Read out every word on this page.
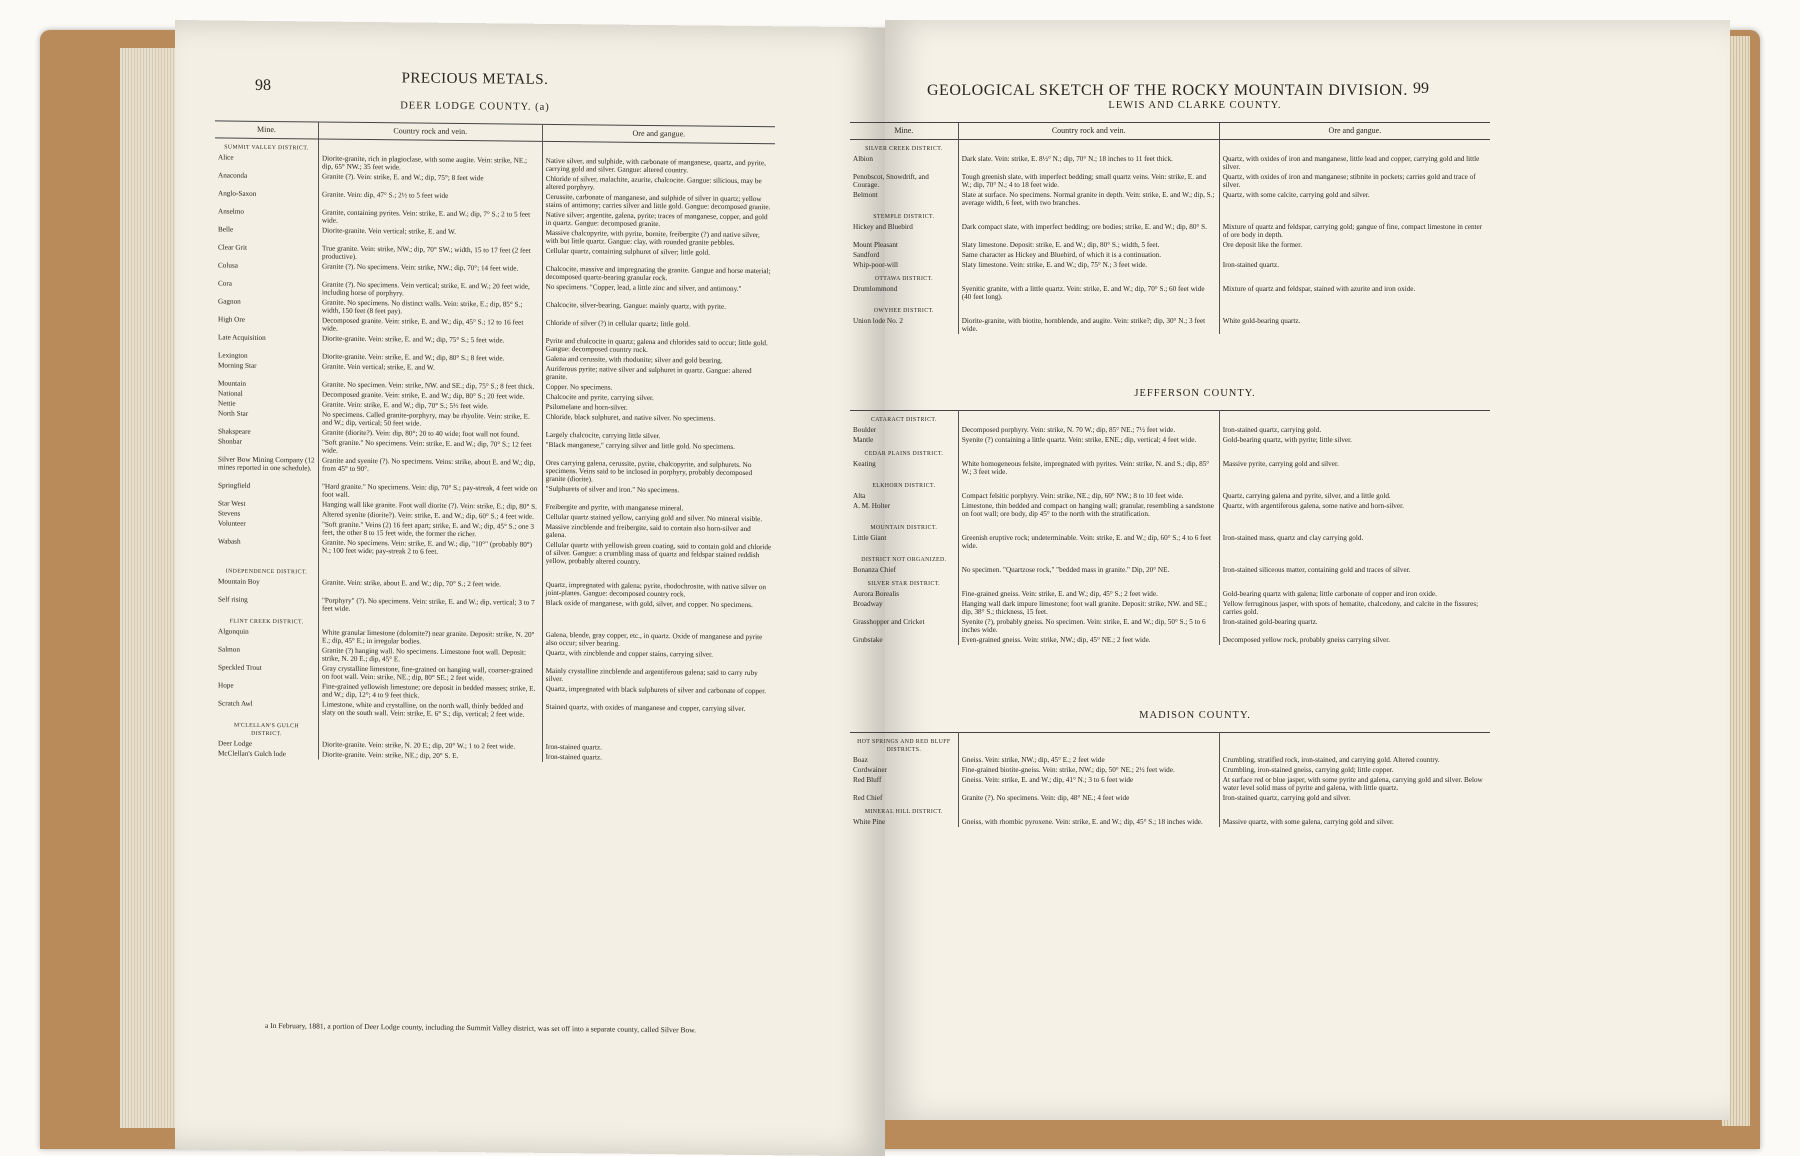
98	PRECIOUS METALS.
DEER LODGE COUNTY. (a)
Mine.	Country rock and vein.	Ore and gangue.
SUMMIT VALLEY DISTRICT.		
Alice	Diorite-granite, rich in plagioclase, with some augite. Vein: strike, NE.; dip, 65° NW.; 35 feet wide.	Native silver, and sulphide, with carbonate of manganese, quartz, and pyrite, carrying gold and silver. Gangue: altered country.
Anaconda	Granite (?). Vein: strike, E. and W.; dip, 75°; 8 feet wide	Chloride of silver, malachite, azurite, chalcocite. Gangue: silicious, may be altered porphyry.
Anglo-Saxon	Granite. Vein: dip, 47° S.; 2½ to 5 feet wide	Cerussite, carbonate of manganese, and sulphide of silver in quartz; yellow stains of antimony; carries silver and little gold. Gangue: decomposed granite.
Anselmo	Granite, containing pyrites. Vein: strike, E. and W.; dip, 7° S.; 2 to 5 feet wide.	Native silver; argentite, galena, pyrite; traces of manganese, copper, and gold in quartz. Gangue: decomposed granite.
Belle	Diorite-granite. Vein vertical; strike, E. and W.	Massive chalcopyrite, with pyrite, bornite, freibergite (?) and native silver, with but little quartz. Gangue: clay, with rounded granite pebbles.
Clear Grit	True granite. Vein: strike, NW.; dip, 70° SW.; width, 15 to 17 feet (2 feet productive).	Cellular quartz, containing sulphuret of silver; little gold.
Colusa	Granite (?). No specimens. Vein: strike, NW.; dip, 70°; 14 feet wide.	Chalcocite, massive and impregnating the granite. Gangue and horse material; decomposed quartz-bearing granular rock.
Cora	Granite (?). No specimens. Vein vertical; strike, E. and W.; 20 feet wide, including horse of porphyry.	No specimens. "Copper, lead, a little zinc and silver, and antimony."
Gagnon	Granite. No specimens. No distinct walls. Vein: strike, E.; dip, 85° S.; width, 150 feet (8 feet pay).	Chalcocite, silver-bearing. Gangue: mainly quartz, with pyrite.
High Ore	Decomposed granite. Vein: strike, E. and W.; dip, 45° S.; 12 to 16 feet wide.	Chloride of silver (?) in cellular quartz; little gold.
Late Acquisition	Diorite-granite. Vein: strike, E. and W.; dip, 75° S.; 5 feet wide.	Pyrite and chalcocite in quartz; galena and chlorides said to occur; little gold. Gangue: decomposed country rock.
Lexington	Diorite-granite. Vein: strike, E. and W.; dip, 80° S.; 8 feet wide.	Galena and cerussite, with rhodonite; silver and gold bearing.
Morning Star	Granite. Vein vertical; strike, E. and W.	Auriferous pyrite; native silver and sulphuret in quartz. Gangue: altered granite.
Mountain	Granite. No specimen. Vein: strike, NW. and SE.; dip, 75° S.; 8 feet thick.	Copper. No specimens.
National	Decomposed granite. Vein: strike, E. and W.; dip, 80° S.; 20 feet wide.	Chalcocite and pyrite, carrying silver.
Nettie	Granite. Vein: strike, E. and W.; dip, 70° S.; 5½ feet wide.	Psilomelane and horn-silver.
North Star	No specimens. Called granite-porphyry, may be rhyolite. Vein: strike, E. and W.; dip, vertical; 50 feet wide.	Chloride, black sulphuret, and native silver. No specimens.
Shakspeare	Granite (diorite?). Vein: dip, 80°; 20 to 40 wide; foot wall not found.	Largely chalcocite, carrying little silver.
Shonbar	"Soft granite." No specimens. Vein: strike, E. and W.; dip, 70° S.; 12 feet wide.	"Black manganese," carrying silver and little gold. No specimens.
Silver Bow Mining Company (12 mines reported in one schedule).	Granite and syenite (?). No specimens. Veins: strike, about E. and W.; dip, from 45° to 90°.	Ores carrying galena, cerussite, pyrite, chalcopyrite, and sulphurets. No specimens. Veins said to be inclosed in porphyry, probably decomposed granite (diorite).
Springfield	"Hard granite." No specimens. Vein: dip, 70° S.; pay-streak, 4 feet wide on foot wall.	"Sulphurets of silver and iron." No specimens.
Star West	Hanging wall like granite. Foot wall diorite (?). Vein: strike, E.; dip, 80° S.	Freibergite and pyrite, with manganese mineral.
Stevens	Altered syenite (diorite?). Vein: strike, E. and W.; dip, 60° S.; 4 feet wide.	Cellular quartz stained yellow, carrying gold and silver. No mineral visible.
Volunteer	"Soft granite." Veins (2) 16 feet apart; strike, E. and W.; dip, 45° S.; one 3 feet, the other 8 to 15 feet wide, the former the richer.	Massive zincblende and freibergite, said to contain also horn-silver and galena.
Wabash	Granite. No specimens. Vein: strike, E. and W.; dip, "10°" (probably 80°) N.; 100 feet wide; pay-streak 2 to 6 feet.	Cellular quartz with yellowish green coating, said to contain gold and chloride of silver. Gangue: a crumbling mass of quartz and feldspar stained reddish yellow, probably altered country.
INDEPENDENCE DISTRICT.		
Mountain Boy	Granite. Vein: strike, about E. and W.; dip, 70° S.; 2 feet wide.	Quartz, impregnated with galena; pyrite, rhodochrosite, with native silver on joint-planes. Gangue: decomposed country rock.
Self rising	"Porphyry" (?). No specimens. Vein: strike, E. and W.; dip, vertical; 3 to 7 feet wide.	Black oxide of manganese, with gold, silver, and copper. No specimens.
FLINT CREEK DISTRICT.		
Algonquin	White granular limestone (dolomite?) near granite. Deposit: strike, N. 20° E.; dip, 45° E.; in irregular bodies.	Galena, blende, gray copper, etc., in quartz. Oxide of manganese and pyrite also occur; silver bearing.
Salmon	Granite (?) hanging wall. No specimens. Limestone foot wall. Deposit: strike, N. 20 E.; dip, 45° E.	Quartz, with zincblende and copper stains, carrying silver.
Speckled Trout	Gray crystalline limestone, fine-grained on hanging wall, coarser-grained on foot wall. Vein: strike, NE.; dip, 80° SE.; 2 feet wide.	Mainly crystalline zincblende and argentiferous galena; said to carry ruby silver.
Hope	Fine-grained yellowish limestone; ore deposit in bedded masses; strike, E. and W.; dip, 12°; 4 to 9 feet thick.	Quartz, impregnated with black sulphurets of silver and carbonate of copper.
Scratch Awl	Limestone, white and crystalline, on the north wall, thinly bedded and slaty on the south wall. Vein: strike, E. 6° S.; dip, vertical; 2 feet wide.	Stained quartz, with oxides of manganese and copper, carrying silver.
M'CLELLAN'S GULCH DISTRICT.		
Deer Lodge	Diorite-granite. Vein: strike, N. 20 E.; dip, 20° W.; 1 to 2 feet wide.	Iron-stained quartz.
McClellan's Gulch lode	Diorite-granite. Vein: strike, NE.; dip, 20° S. E.	Iron-stained quartz.
a In February, 1881, a portion of Deer Lodge county, including the Summit Valley district, was set off into a separate county, called Silver Bow.
GEOLOGICAL SKETCH OF THE ROCKY MOUNTAIN DIVISION. 99
LEWIS AND CLARKE COUNTY.
Mine.	Country rock and vein.	Ore and gangue.
SILVER CREEK DISTRICT.		
Albion	Dark slate. Vein: strike, E. 8½° N.; dip, 70° N.; 18 inches to 11 feet thick.	Quartz, with oxides of iron and manganese, little lead and copper, carrying gold and little silver.
Penobscot, Snowdrift, and Courage.	Tough greenish slate, with imperfect bedding; small quartz veins. Vein: strike, E. and W.; dip, 70° N.; 4 to 18 feet wide.	Quartz, with oxides of iron and manganese; stibnite in pockets; carries gold and trace of silver.
Belmont	Slate at surface. No specimens. Normal granite in depth. Vein: strike, E. and W.; dip, S.; average width, 6 feet, with two branches.	Quartz, with some calcite, carrying gold and silver.
STEMPLE DISTRICT.		
Hickey and Bluebird	Dark compact slate, with imperfect bedding; ore bodies; strike, E. and W.; dip, 80° S.	Mixture of quartz and feldspar, carrying gold; gangue of fine, compact limestone in center of ore body in depth.
Mount Pleasant	Slaty limestone. Deposit: strike, E. and W.; dip, 80° S.; width, 5 feet.	Ore deposit like the former.
Sandford	Same character as Hickey and Bluebird, of which it is a continuation.	
Whip-poor-will	Slaty limestone. Vein: strike, E. and W.; dip, 75° N.; 3 feet wide.	Iron-stained quartz.
OTTAWA DISTRICT.		
Drumlommond	Syenitic granite, with a little quartz. Vein: strike, E. and W.; dip, 70° S.; 60 feet wide (40 feet long).	Mixture of quartz and feldspar, stained with azurite and iron oxide.
OWYHEE DISTRICT.		
Union lode No. 2	Diorite-granite, with biotite, hornblende, and augite. Vein: strike?; dip, 30° N.; 3 feet wide.	White gold-bearing quartz.
JEFFERSON COUNTY.
CATARACT DISTRICT.		
Boulder	Decomposed porphyry. Vein: strike, N. 70 W.; dip, 85° NE.; 7½ feet wide.	Iron-stained quartz, carrying gold.
Mantle	Syenite (?) containing a little quartz. Vein: strike, ENE.; dip, vertical; 4 feet wide.	Gold-bearing quartz, with pyrite; little silver.
CEDAR PLAINS DISTRICT.		
Keating	White homogeneous felsite, impregnated with pyrites. Vein: strike, N. and S.; dip, 85° W.; 3 feet wide.	Massive pyrite, carrying gold and silver.
ELKHORN DISTRICT.		
Alta	Compact felsitic porphyry. Vein: strike, NE.; dip, 60° NW.; 8 to 10 feet wide.	Quartz, carrying galena and pyrite, silver, and a little gold.
A. M. Holter	Limestone, thin bedded and compact on hanging wall; granular, resembling a sandstone on foot wall; ore body, dip 45° to the north with the stratification.	Quartz, with argentiferous galena, some native and horn-silver.
MOUNTAIN DISTRICT.		
Little Giant	Greenish eruptive rock; undeterminable. Vein: strike, E. and W.; dip, 60° S.; 4 to 6 feet wide.	Iron-stained mass, quartz and clay carrying gold.
DISTRICT NOT ORGANIZED.		
Bonanza Chief	No specimen. "Quartzose rock," "bedded mass in granite." Dip, 20° NE.	Iron-stained siliceous matter, containing gold and traces of silver.
SILVER STAR DISTRICT.		
Aurora Borealis	Fine-grained gneiss. Vein: strike, E. and W.; dip, 45° S.; 2 feet wide.	Gold-bearing quartz with galena; little carbonate of copper and iron oxide.
Broadway	Hanging wall dark impure limestone; foot wall granite. Deposit: strike, NW. and SE.; dip, 38° S.; thickness, 15 feet.	Yellow ferruginous jasper, with spots of hematite, chalcedony, and calcite in the fissures; carries gold.
Grasshopper and Cricket	Syenite (?), probably gneiss. No specimen. Vein: strike, E. and W.; dip, 50° S.; 5 to 6 inches wide.	Iron-stained gold-bearing quartz.
Grubstake	Even-grained gneiss. Vein: strike, NW.; dip, 45° NE.; 2 feet wide.	Decomposed yellow rock, probably gneiss carrying silver.
MADISON COUNTY.
HOT SPRINGS AND RED BLUFF DISTRICTS.		
Boaz	Gneiss. Vein: strike, NW.; dip, 45° E.; 2 feet wide	Crumbling, stratified rock, iron-stained, and carrying gold. Altered country.
Cordwainer	Fine-grained biotite-gneiss. Vein: strike, NW.; dip, 50° NE.; 2½ feet wide.	Crumbling, iron-stained gneiss, carrying gold; little copper.
Red Bluff	Gneiss. Vein: strike, E. and W.; dip, 41° N.; 3 to 6 feet wide	At surface red or blue jasper, with some pyrite and galena, carrying gold and silver. Below water level solid mass of pyrite and galena, with little quartz.
Red Chief	Granite (?). No specimens. Vein: dip, 48° NE.; 4 feet wide	Iron-stained quartz, carrying gold and silver.
MINERAL HILL DISTRICT.		
White Pine	Gneiss, with rhombic pyroxene. Vein: strike, E. and W.; dip, 45° S.; 18 inches wide.	Massive quartz, with some galena, carrying gold and silver.
